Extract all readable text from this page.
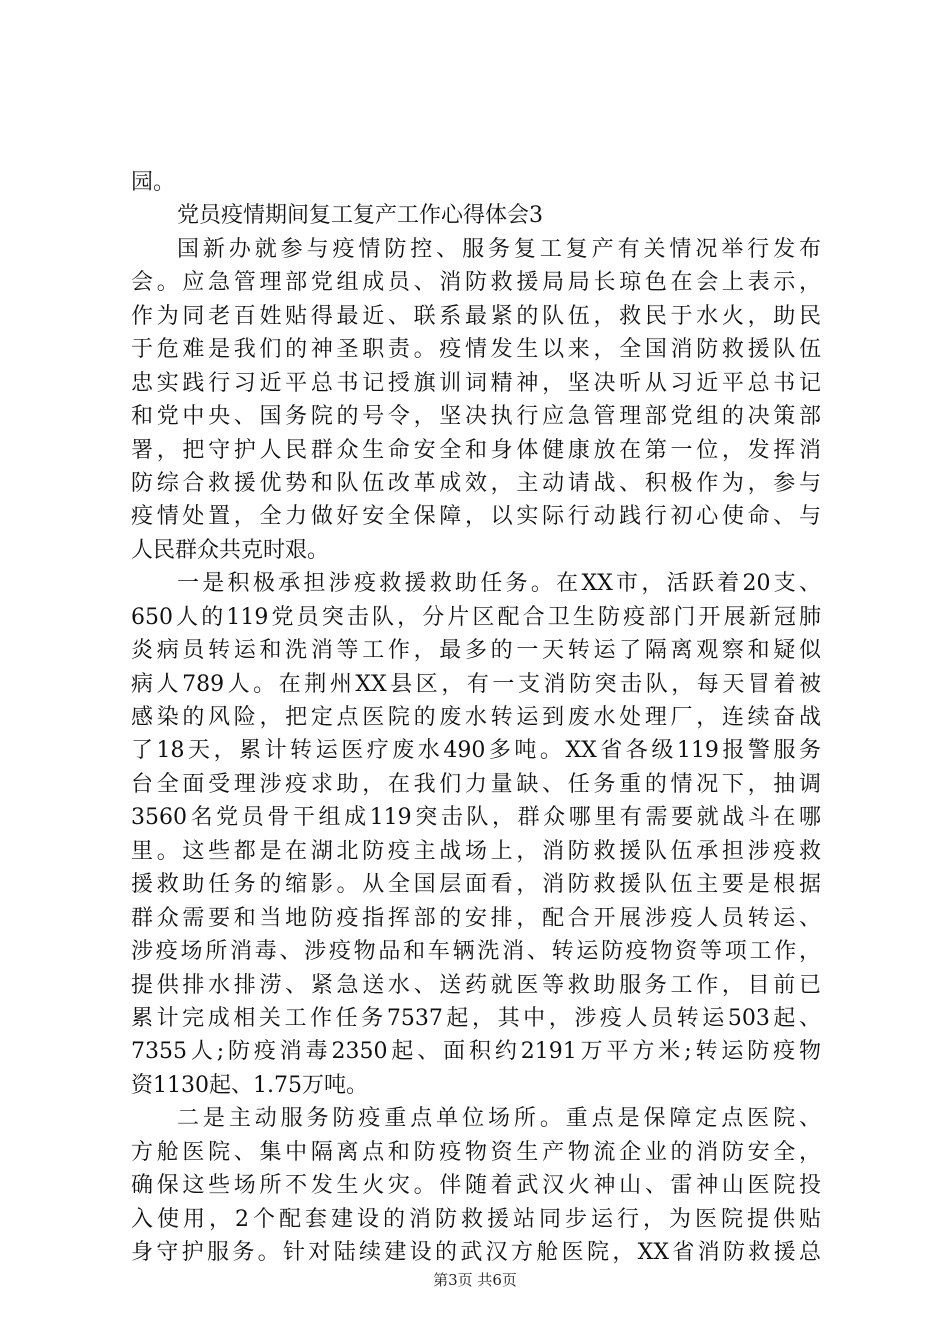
园。
党员疫情期间复工复产工作心得体会3
国新办就参与疫情防控、服务复工复产有关情况举行发布
会。应急管理部党组成员、消防救援局局长琼色在会上表示，
作为同老百姓贴得最近、联系最紧的队伍，救民于水火，助民
于危难是我们的神圣职责。疫情发生以来，全国消防救援队伍
忠实践行习近平总书记授旗训词精神，坚决听从习近平总书记
和党中央、国务院的号令，坚决执行应急管理部党组的决策部
署，把守护人民群众生命安全和身体健康放在第一位，发挥消
防综合救援优势和队伍改革成效，主动请战、积极作为，参与
疫情处置，全力做好安全保障，以实际行动践行初心使命、与
人民群众共克时艰。
一是积极承担涉疫救援救助任务。在XX市，活跃着20支、
650人的119党员突击队，分片区配合卫生防疫部门开展新冠肺
炎病员转运和洗消等工作，最多的一天转运了隔离观察和疑似
病人789人。在荆州XX县区，有一支消防突击队，每天冒着被
感染的风险，把定点医院的废水转运到废水处理厂，连续奋战
了18天，累计转运医疗废水490多吨。XX省各级119报警服务
台全面受理涉疫求助，在我们力量缺、任务重的情况下，抽调
3560名党员骨干组成119突击队，群众哪里有需要就战斗在哪
里。这些都是在湖北防疫主战场上，消防救援队伍承担涉疫救
援救助任务的缩影。从全国层面看，消防救援队伍主要是根据
群众需要和当地防疫指挥部的安排，配合开展涉疫人员转运、
涉疫场所消毒、涉疫物品和车辆洗消、转运防疫物资等项工作，
提供排水排涝、紧急送水、送药就医等救助服务工作，目前已
累计完成相关工作任务7537起，其中，涉疫人员转运503起、
7355人;防疫消毒2350起、面积约2191万平方米;转运防疫物
资1130起、1.75万吨。
二是主动服务防疫重点单位场所。重点是保障定点医院、
方舱医院、集中隔离点和防疫物资生产物流企业的消防安全，
确保这些场所不发生火灾。伴随着武汉火神山、雷神山医院投
入使用，2个配套建设的消防救援站同步运行，为医院提供贴
身守护服务。针对陆续建设的武汉方舱医院，XX省消防救援总
第3页 共6页
